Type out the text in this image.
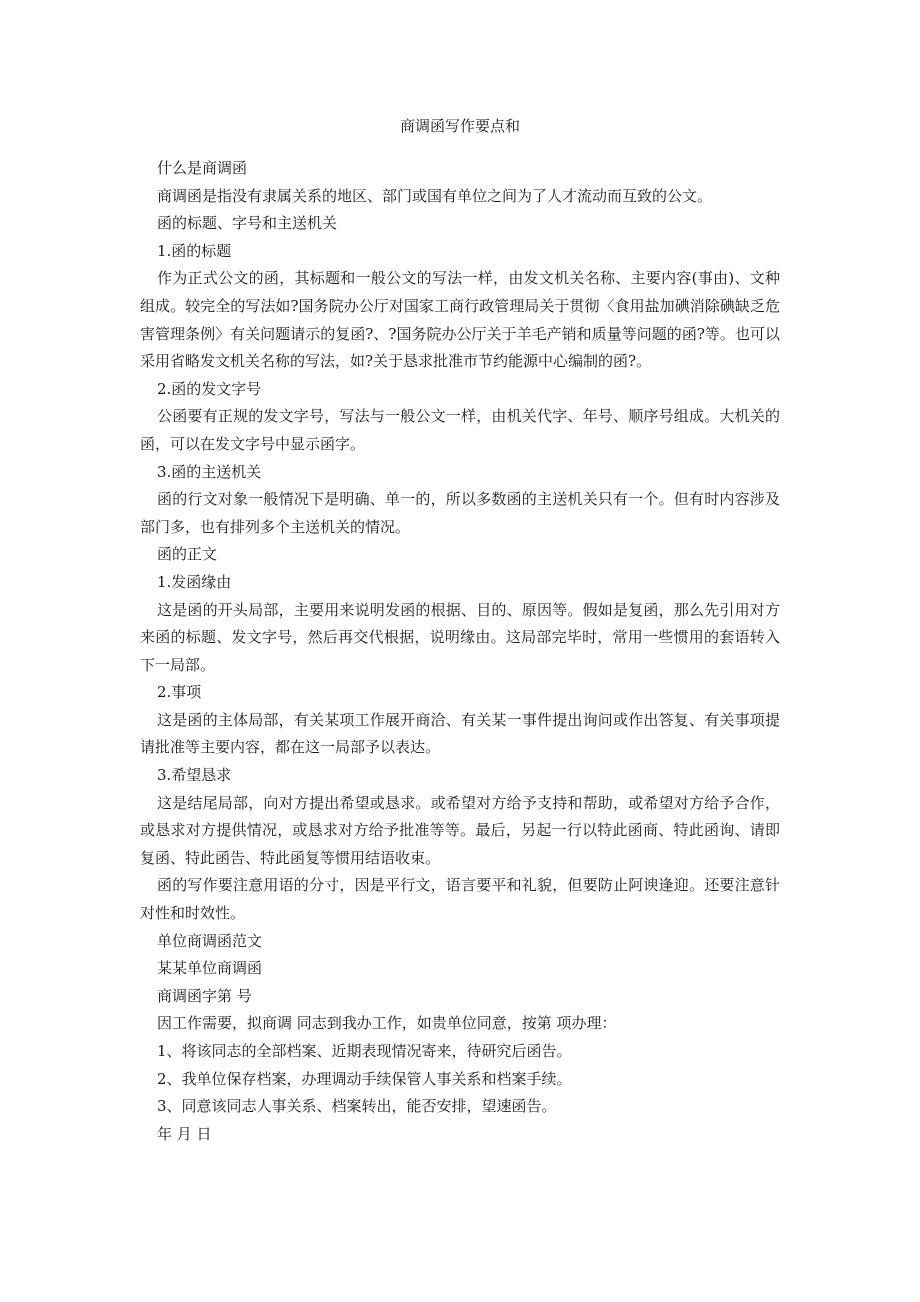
商调函写作要点和

什么是商调函

商调函是指没有隶属关系的地区、部门或国有单位之间为了人才流动而互致的公文。

函的标题、字号和主送机关

1.函的标题

作为正式公文的函，其标题和一般公文的写法一样，由发文机关名称、主要内容(事由)、文种组成。较完全的写法如?国务院办公厅对国家工商行政管理局关于贯彻〈食用盐加碘消除碘缺乏危害管理条例〉有关问题请示的复函?、?国务院办公厅关于羊毛产销和质量等问题的函?等。也可以采用省略发文机关名称的写法，如?关于恳求批准市节约能源中心编制的函?。

2.函的发文字号

公函要有正规的发文字号，写法与一般公文一样，由机关代字、年号、顺序号组成。大机关的函，可以在发文字号中显示函字。

3.函的主送机关

函的行文对象一般情况下是明确、单一的，所以多数函的主送机关只有一个。但有时内容涉及部门多，也有排列多个主送机关的情况。

函的正文

1.发函缘由

这是函的开头局部，主要用来说明发函的根据、目的、原因等。假如是复函，那么先引用对方来函的标题、发文字号，然后再交代根据，说明缘由。这局部完毕时，常用一些惯用的套语转入下一局部。

2.事项

这是函的主体局部，有关某项工作展开商洽、有关某一事件提出询问或作出答复、有关事项提请批准等主要内容，都在这一局部予以表达。

3.希望恳求

这是结尾局部，向对方提出希望或恳求。或希望对方给予支持和帮助，或希望对方给予合作，或恳求对方提供情况，或恳求对方给予批准等等。最后，另起一行以特此函商、特此函询、请即复函、特此函告、特此函复等惯用结语收束。

函的写作要注意用语的分寸，因是平行文，语言要平和礼貌，但要防止阿谀逢迎。还要注意针对性和时效性。

单位商调函范文

某某单位商调函

商调函字第 号

因工作需要，拟商调 同志到我办工作，如贵单位同意，按第 项办理：

1、将该同志的全部档案、近期表现情况寄来，待研究后函告。

2、我单位保存档案，办理调动手续保管人事关系和档案手续。

3、同意该同志人事关系、档案转出，能否安排，望速函告。

年 月 日
